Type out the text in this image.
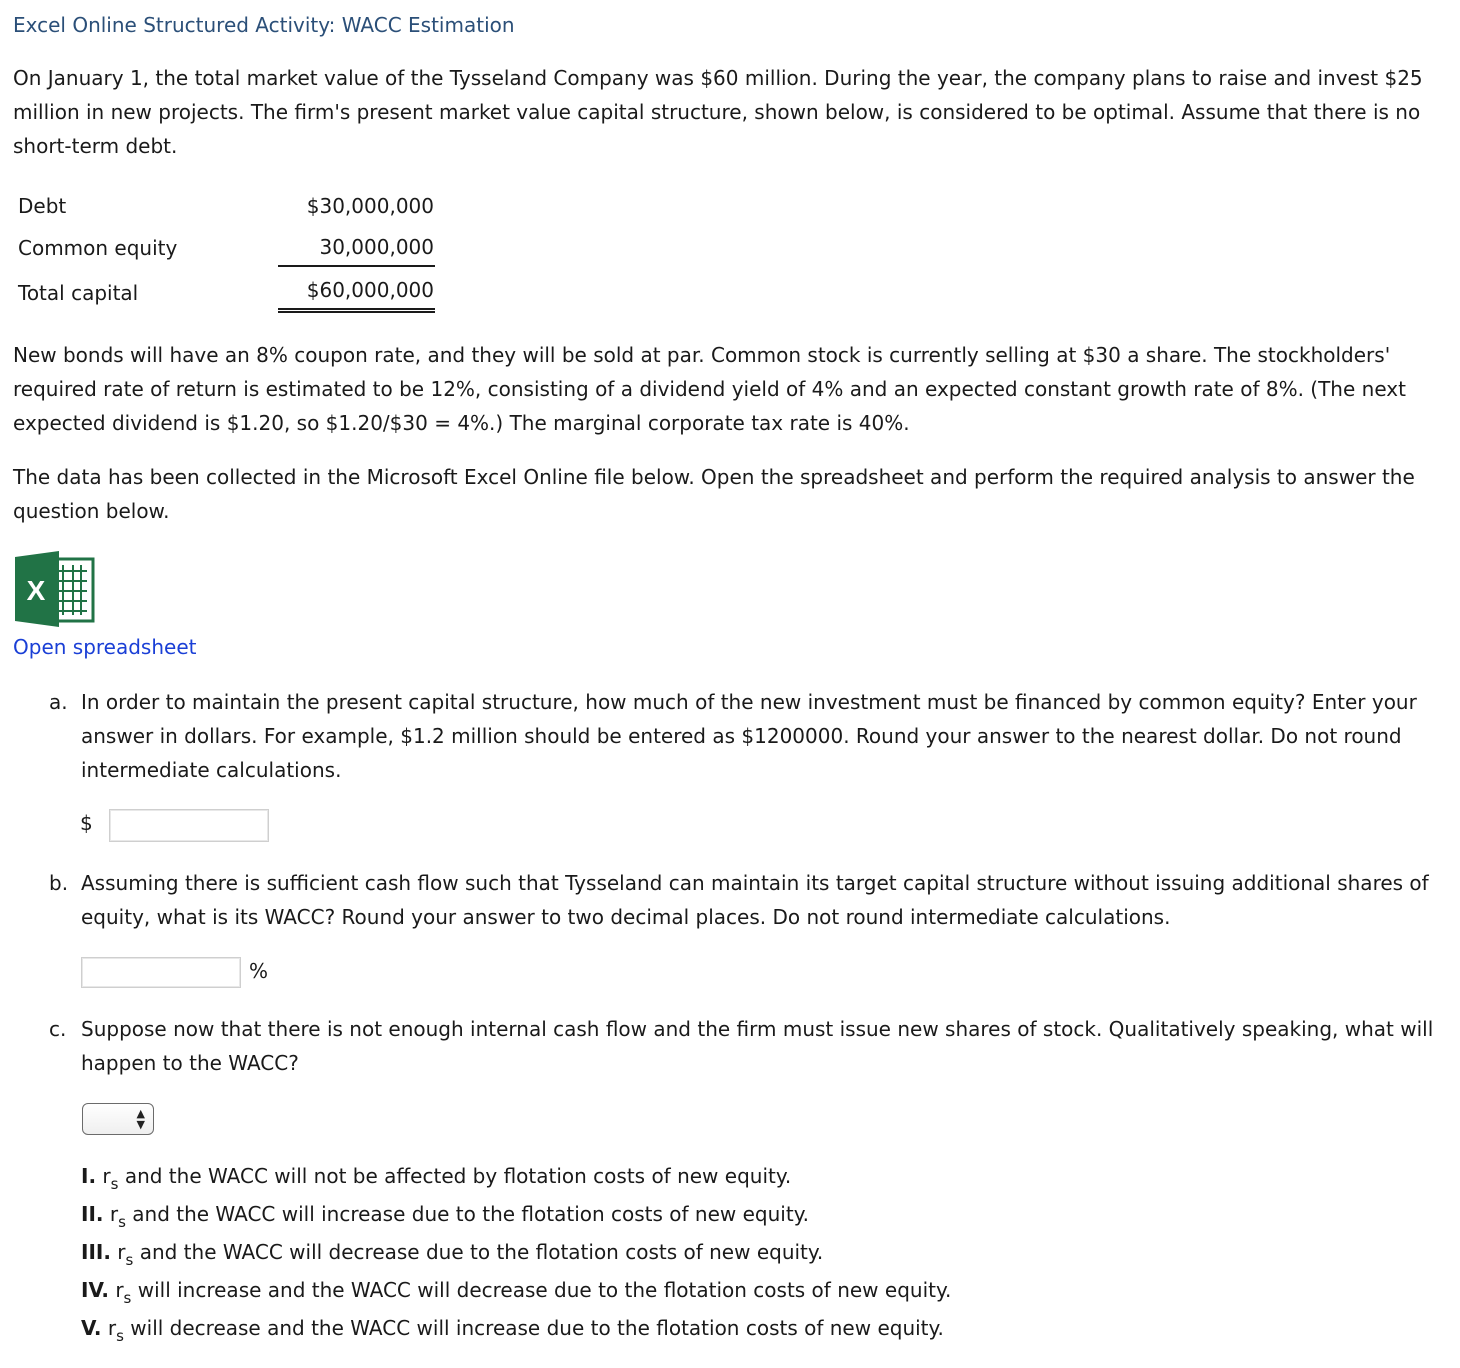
Excel Online Structured Activity: WACC Estimation
On January 1, the total market value of the Tysseland Company was $60 million. During the year, the company plans to raise and invest $25
million in new projects. The firm's present market value capital structure, shown below, is considered to be optimal. Assume that there is no
short-term debt.
Debt	$30,000,000
Common equity	30,000,000
Total capital	$60,000,000
New bonds will have an 8% coupon rate, and they will be sold at par. Common stock is currently selling at $30 a share. The stockholders'
required rate of return is estimated to be 12%, consisting of a dividend yield of 4% and an expected constant growth rate of 8%. (The next
expected dividend is $1.20, so $1.20/$30 = 4%.) The marginal corporate tax rate is 40%.
The data has been collected in the Microsoft Excel Online file below. Open the spreadsheet and perform the required analysis to answer the
question below.
X
Open spreadsheet
a. In order to maintain the present capital structure, how much of the new investment must be financed by common equity? Enter your
answer in dollars. For example, $1.2 million should be entered as $1200000. Round your answer to the nearest dollar. Do not round
intermediate calculations.
$
b. Assuming there is sufficient cash flow such that Tysseland can maintain its target capital structure without issuing additional shares of
equity, what is its WACC? Round your answer to two decimal places. Do not round intermediate calculations.
%
c. Suppose now that there is not enough internal cash flow and the firm must issue new shares of stock. Qualitatively speaking, what will
happen to the WACC?
▲
▼
I. $r_s$ and the WACC will not be affected by flotation costs of new equity.
II. $r_s$ and the WACC will increase due to the flotation costs of new equity.
III. $r_s$ and the WACC will decrease due to the flotation costs of new equity.
IV. $r_s$ will increase and the WACC will decrease due to the flotation costs of new equity.
V. $r_s$ will decrease and the WACC will increase due to the flotation costs of new equity.
